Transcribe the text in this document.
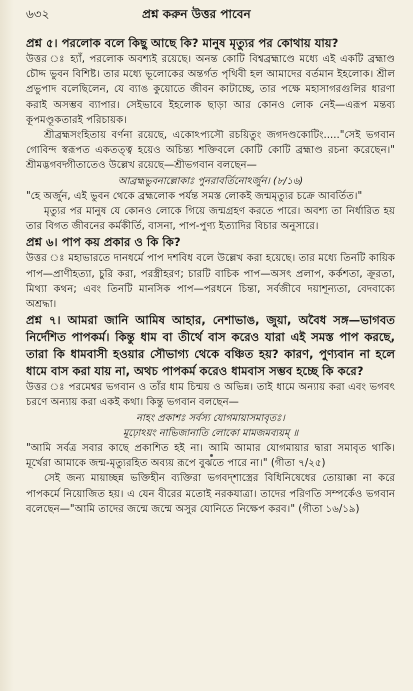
৬৩২	প্রশ্ন করুন উত্তর পাবেন

প্রশ্ন ৫। পরলোক বলে কিছু আছে কি? মানুষ মৃত্যুর পর কোথায় যায়?

উত্তর ঃ হ্যাঁ, পরলোক অবশ্যই রয়েছে। অনন্ত কোটি বিশ্বব্রহ্মাণ্ডে মধ্যে এই একটি ব্রহ্মাণ্ড চৌদ্দ ভুবন বিশিষ্ট। তার মধ্যে ভূলোকের অন্তর্গত পৃথিবী হল আমাদের বর্তমান ইহলোক। শ্রীল প্রভুপাদ বলেছিলেন, যে ব্যাঙ কুয়োতে জীবন কাটাচ্ছে, তার পক্ষে মহাসাগরগুলির ধারণা করাই অসম্ভব ব্যাপার। সেইভাবে ইহলোক ছাড়া আর কোনও লোক নেই—এরূপ মন্তব্য কূপমণ্ডূকতারই পরিচায়ক।

শ্রীব্রহ্মসংহিতায় বর্ণনা রয়েছে, একোঽপ্যসৌ রচয়িতুং জগদণ্ডকোটিং....."সেই ভগবান গোবিন্দ স্বরূপত একতত্ত্ব হয়েও অচিন্ত্য শক্তিবলে কোটি কোটি ব্রহ্মাণ্ড রচনা করেছেন।" শ্রীমদ্ভগবদ্গীতাতেও উল্লেখ রয়েছে—শ্রীভগবান বলছেন—

আব্রহ্মভুবনাল্লোকাঃ পুনরাবর্তিনোঽর্জুন। (৮/১৬)

"হে অর্জুন, এই ভুবন থেকে ব্রহ্মলোক পর্যন্ত সমস্ত লোকই জন্মমৃত্যুর চক্রে আবর্তিত।"

মৃত্যুর পর মানুষ যে কোনও লোকে গিয়ে জন্মগ্রহণ করতে পারে। অবশ্য তা নির্ধারিত হয় তার বিগত জীবনের কর্মকীর্তি, বাসনা, পাপ-পুণ্য ইত্যাদির বিচার অনুসারে।

প্রশ্ন ৬। পাপ কয় প্রকার ও কি কি?

উত্তর ঃ মহাভারতে দানধর্মে পাপ দশবিধ বলে উল্লেখ করা হয়েছে। তার মধ্যে তিনটি কায়িক পাপ—প্রাণীহত্যা, চুরি করা, পরস্ত্রীহরণ; চারটি বাচিক পাপ—অসৎ প্রলাপ, কর্কশতা, ক্রূরতা, মিথ্যা কথন; এবং তিনটি মানসিক পাপ—পরধনে চিন্তা, সর্বজীবে দয়াশূন্যতা, বেদবাক্যে অশ্রদ্ধা।

প্রশ্ন ৭। আমরা জানি আমিষ আহার, নেশাভাঙ, জুয়া, অবৈধ সঙ্গ—ভাগবত নির্দেশিত পাপকর্ম। কিন্তু ধাম বা তীর্থে বাস করেও যারা এই সমস্ত পাপ করছে, তারা কি ধামবাসী হওয়ার সৌভাগ্য থেকে বঞ্চিত হয়? কারণ, পুণ্যবান না হলে ধামে বাস করা যায় না, অথচ পাপকর্ম করেও ধামবাস সম্ভব হচ্ছে কি করে?

উত্তর ঃ পরমেশ্বর ভগবান ও তাঁর ধাম চিন্ময় ও অভিন্ন। তাই ধামে অন্যায় করা এবং ভগবৎ চরণে অন্যায় করা একই কথা। কিন্তু ভগবান বলছেন—

নাহং প্রকাশঃ সর্বস্য যোগমায়াসমাবৃতঃ।

মূঢ়োঽয়ং নাভিজানাতি লোকো মামজমব্যয়ম্ ॥

"আমি সর্বত্র সবার কাছে প্রকাশিত হই না। আমি আমার যোগমায়ার দ্বারা সমাবৃত থাকি। মূর্খেরা আমাকে জন্ম-মৃত্যুরহিত অব্যয় রূপে বুঝতে পারে না।" (গীতা ৭/২৫)

সেই জন্য মায়াচ্ছন্ন ভক্তিহীন ব্যক্তিরা ভগবদ্‌শাস্ত্রের বিধিনিষেধের তোয়াক্কা না করে পাপকর্মে নিয়োজিত হয়। এ যেন বীরের মতোই নরকযাত্রা। তাদের পরিণতি সম্পর্কেও ভগবান বলেছেন—"আমি তাদের জন্মে জন্মে অসুর যোনিতে নিক্ষেপ করব।" (গীতা ১৬/১৯)
